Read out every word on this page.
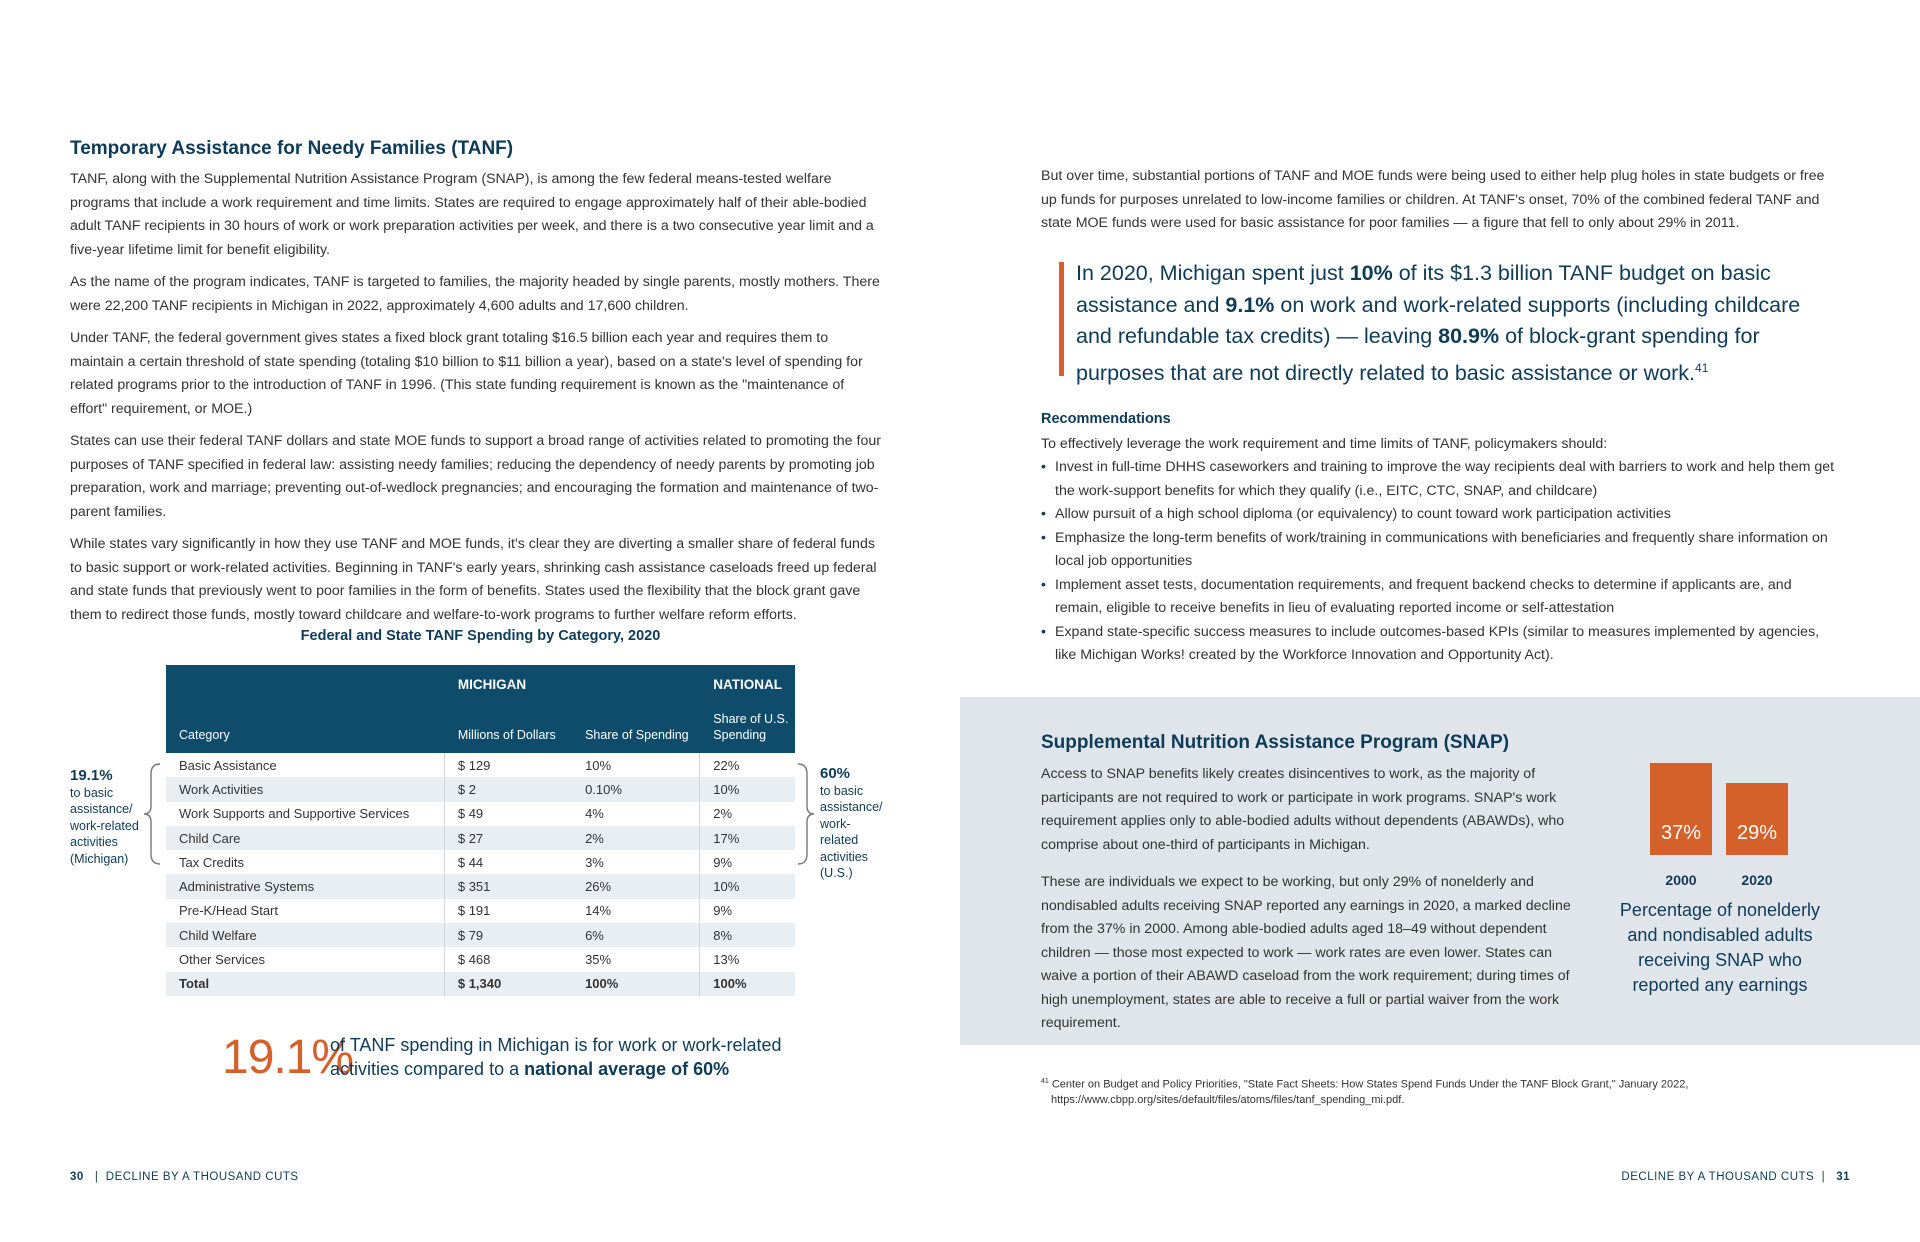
Temporary Assistance for Needy Families (TANF)

TANF, along with the Supplemental Nutrition Assistance Program (SNAP), is among the few federal means-tested welfare programs that include a work requirement and time limits. States are required to engage approximately half of their able-bodied adult TANF recipients in 30 hours of work or work preparation activities per week, and there is a two consecutive year limit and a five-year lifetime limit for benefit eligibility.

As the name of the program indicates, TANF is targeted to families, the majority headed by single parents, mostly mothers. There were 22,200 TANF recipients in Michigan in 2022, approximately 4,600 adults and 17,600 children.

Under TANF, the federal government gives states a fixed block grant totaling $16.5 billion each year and requires them to maintain a certain threshold of state spending (totaling $10 billion to $11 billion a year), based on a state's level of spending for related programs prior to the introduction of TANF in 1996. (This state funding requirement is known as the "maintenance of effort" requirement, or MOE.)

States can use their federal TANF dollars and state MOE funds to support a broad range of activities related to promoting the four purposes of TANF specified in federal law: assisting needy families; reducing the dependency of needy parents by promoting job preparation, work and marriage; preventing out-of-wedlock pregnancies; and encouraging the formation and maintenance of two-parent families.

While states vary significantly in how they use TANF and MOE funds, it's clear they are diverting a smaller share of federal funds to basic support or work-related activities. Beginning in TANF's early years, shrinking cash assistance caseloads freed up federal and state funds that previously went to poor families in the form of benefits. States used the flexibility that the block grant gave them to redirect those funds, mostly toward childcare and welfare-to-work programs to further welfare reform efforts.

Federal and State TANF Spending by Category, 2020
	MICHIGAN		NATIONAL
Category	Millions of Dollars	Share of Spending	Share of U.S. Spending
Basic Assistance	$ 129	10%	22%
Work Activities	$ 2	0.10%	10%
Work Supports and Supportive Services	$ 49	4%	2%
Child Care	$ 27	2%	17%
Tax Credits	$ 44	3%	9%
Administrative Systems	$ 351	26%	10%
Pre-K/Head Start	$ 191	14%	9%
Child Welfare	$ 79	6%	8%
Other Services	$ 468	35%	13%
Total	$ 1,340	100%	100%
19.1%
to basic
assistance/
work-related
activities
(Michigan)
60%
to basic
assistance/
work-
related
activities
(U.S.)
19.1%
of TANF spending in Michigan is for work or work-related
activities compared to a national average of 60%
30 | DECLINE BY A THOUSAND CUTS
But over time, substantial portions of TANF and MOE funds were being used to either help plug holes in state budgets or free up funds for purposes unrelated to low-income families or children. At TANF's onset, 70% of the combined federal TANF and state MOE funds were used for basic assistance for poor families — a figure that fell to only about 29% in 2011.
In 2020, Michigan spent just 10% of its $1.3 billion TANF budget on basic assistance and 9.1% on work and work-related supports (including childcare and refundable tax credits) — leaving 80.9% of block-grant spending for purposes that are not directly related to basic assistance or work.$^{41}$
Recommendations
To effectively leverage the work requirement and time limits of TANF, policymakers should:
• Invest in full-time DHHS caseworkers and training to improve the way recipients deal with barriers to work and help them get the work-support benefits for which they qualify (i.e., EITC, CTC, SNAP, and childcare)
• Allow pursuit of a high school diploma (or equivalency) to count toward work participation activities
• Emphasize the long-term benefits of work/training in communications with beneficiaries and frequently share information on local job opportunities
• Implement asset tests, documentation requirements, and frequent backend checks to determine if applicants are, and remain, eligible to receive benefits in lieu of evaluating reported income or self-attestation
• Expand state-specific success measures to include outcomes-based KPIs (similar to measures implemented by agencies, like Michigan Works! created by the Workforce Innovation and Opportunity Act).
Supplemental Nutrition Assistance Program (SNAP)

Access to SNAP benefits likely creates disincentives to work, as the majority of participants are not required to work or participate in work programs. SNAP's work requirement applies only to able-bodied adults without dependents (ABAWDs), who comprise about one-third of participants in Michigan.

These are individuals we expect to be working, but only 29% of nonelderly and nondisabled adults receiving SNAP reported any earnings in 2020, a marked decline from the 37% in 2000. Among able-bodied adults aged 18–49 without dependent children — those most expected to work — work rates are even lower. States can waive a portion of their ABAWD caseload from the work requirement; during times of high unemployment, states are able to receive a full or partial waiver from the work requirement.

37%	29%
2000	2020
Percentage of nonelderly and nondisabled adults receiving SNAP who reported any earnings
$^{41}$ Center on Budget and Policy Priorities, "State Fact Sheets: How States Spend Funds Under the TANF Block Grant," January 2022,
https://www.cbpp.org/sites/default/files/atoms/files/tanf_spending_mi.pdf.
DECLINE BY A THOUSAND CUTS | 31
